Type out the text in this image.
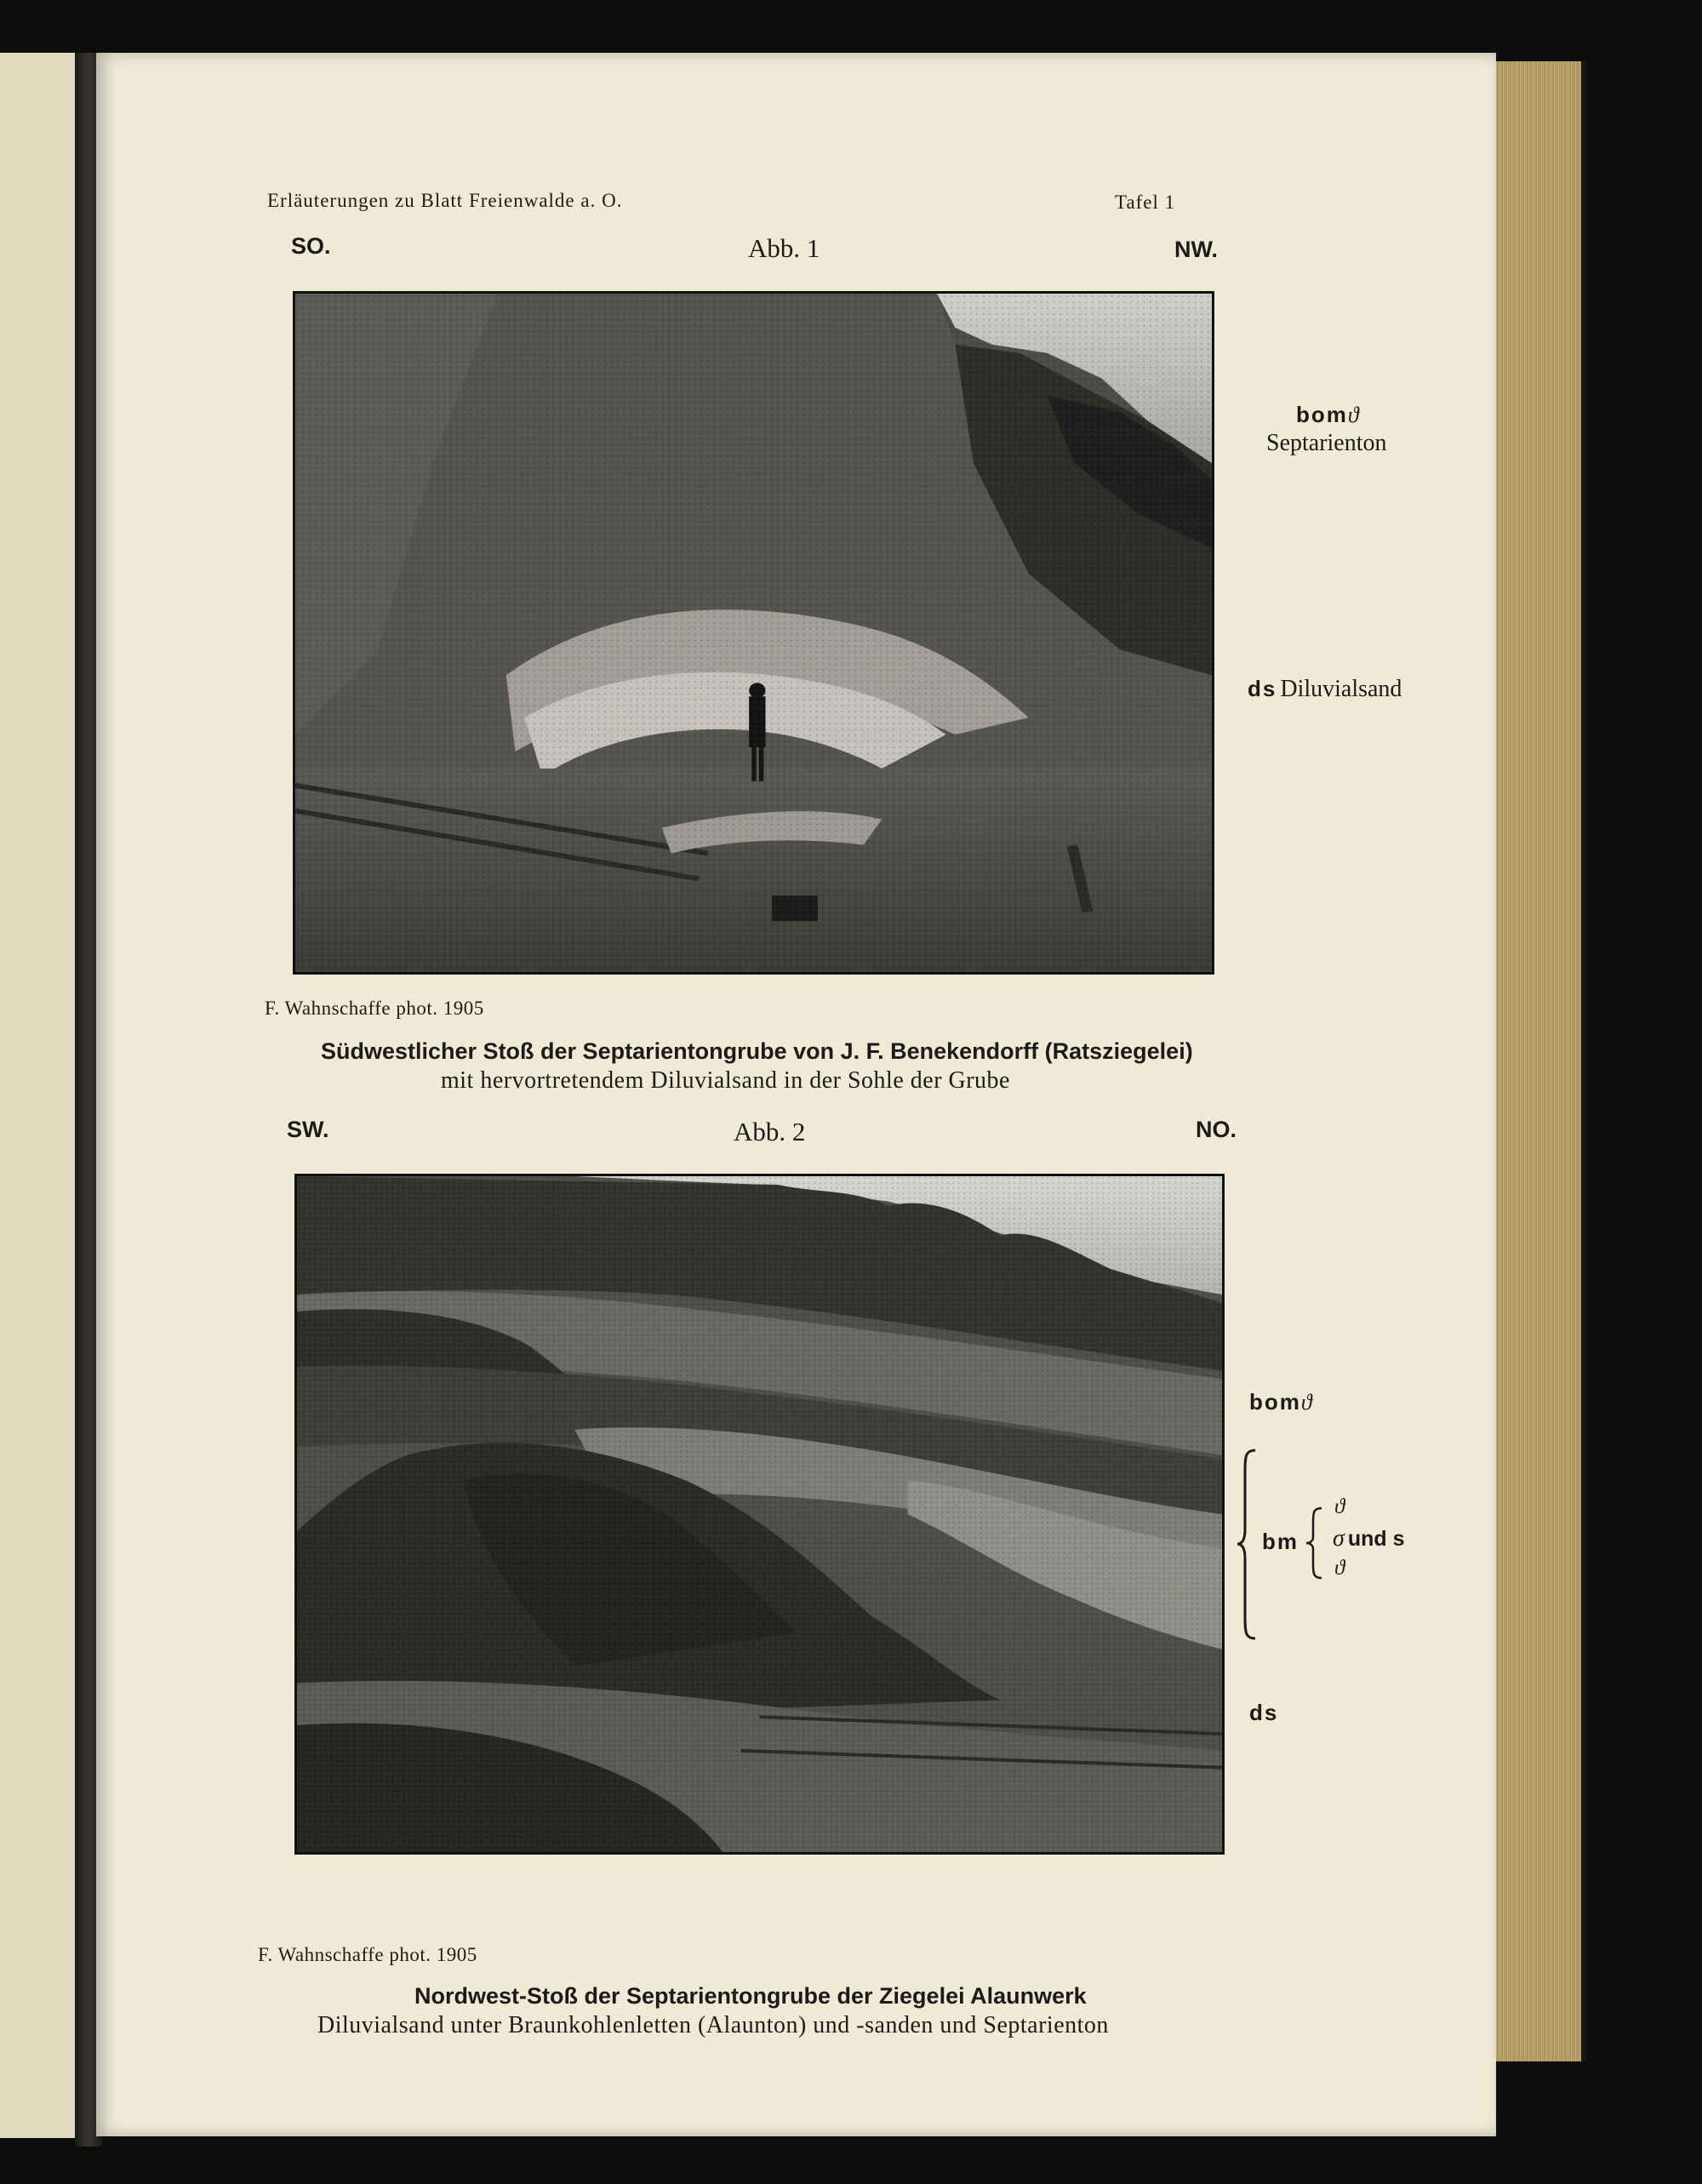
Erläuterungen zu Blatt Freienwalde a. O.	Tafel 1
SO.	Abb. 1	NW.
bomϑ
Septarienton
ds Diluvialsand
F. Wahnschaffe phot. 1905
Südwestlicher Stoß der Septarientongrube von J. F. Benekendorff (Ratsziegelei)
mit hervortretendem Diluvialsand in der Sohle der Grube
SW.	Abb. 2	NO.
bomϑ
bm
ϑ
σ und s
ϑ
ds
F. Wahnschaffe phot. 1905
Nordwest-Stoß der Septarientongrube der Ziegelei Alaunwerk
Diluvialsand unter Braunkohlenletten (Alaunton) und -sanden und Septarienton
